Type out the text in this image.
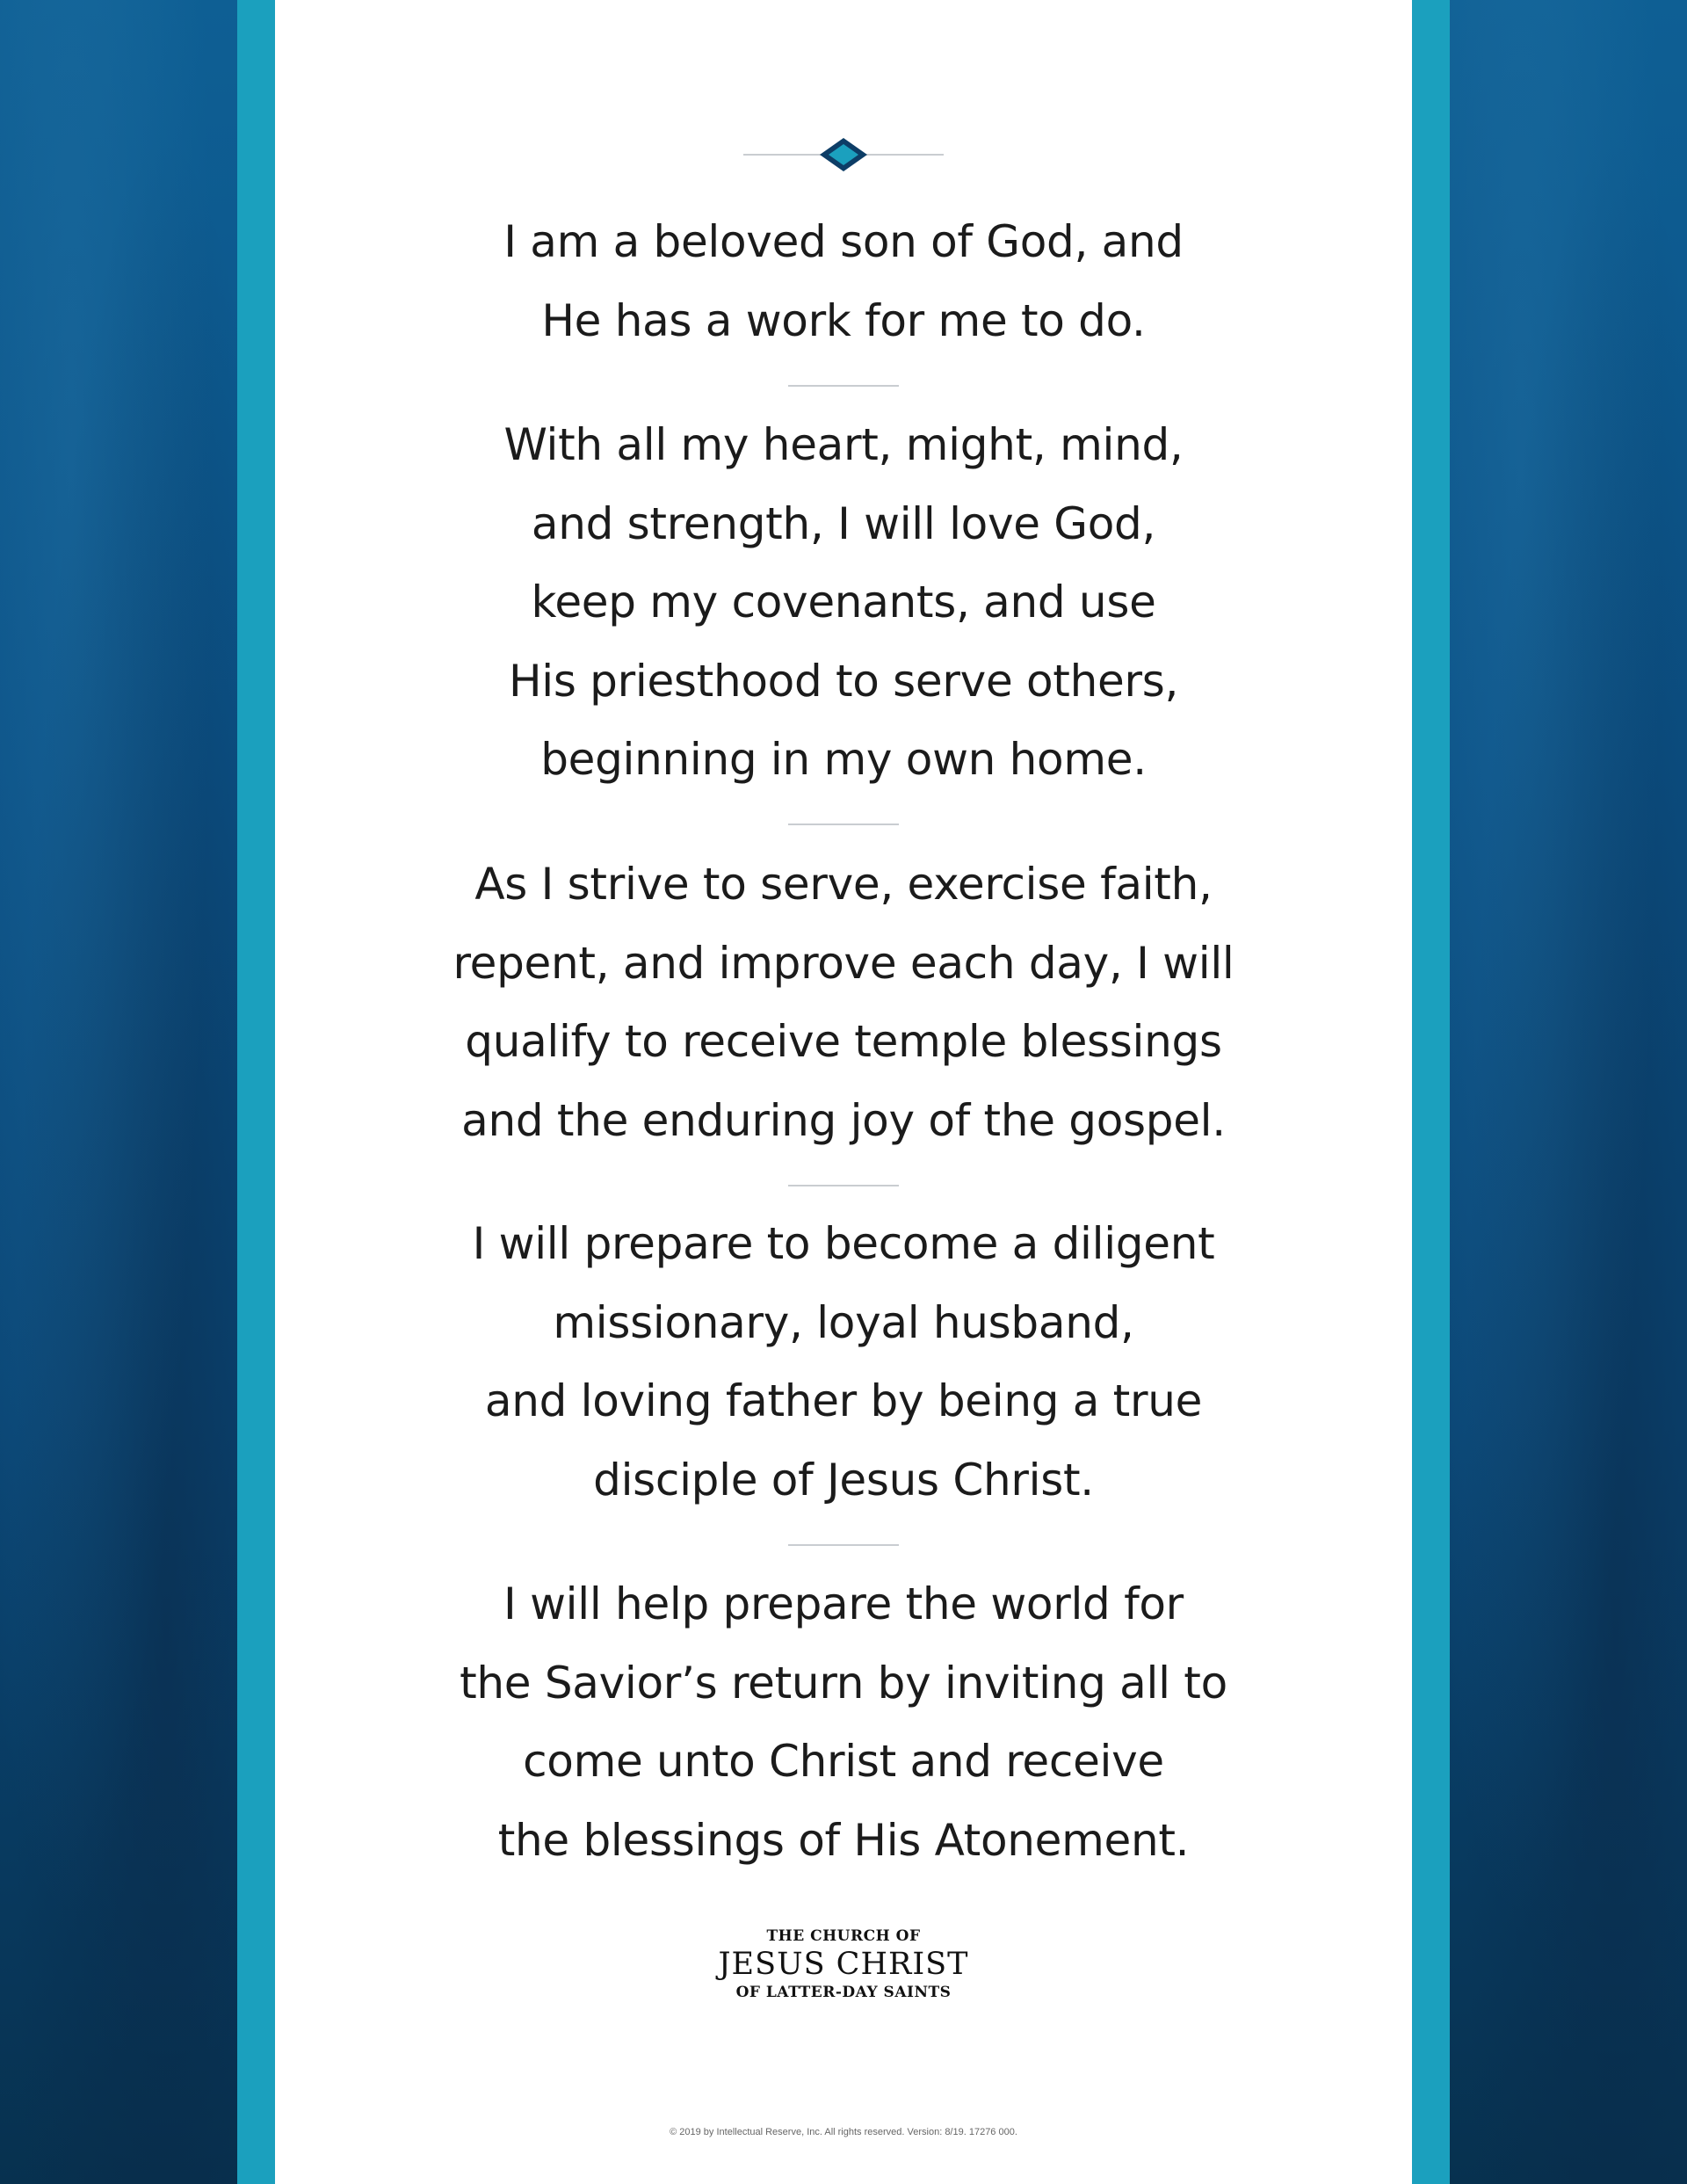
I am a beloved son of God, and
He has a work for me to do.
With all my heart, might, mind,
and strength, I will love God,
keep my covenants, and use
His priesthood to serve others,
beginning in my own home.
As I strive to serve, exercise faith,
repent, and improve each day, I will
qualify to receive temple blessings
and the enduring joy of the gospel.
I will prepare to become a diligent
missionary, loyal husband,
and loving father by being a true
disciple of Jesus Christ.
I will help prepare the world for
the Savior’s return by inviting all to
come unto Christ and receive
the blessings of His Atonement.
THE CHURCH OF
JESUS CHRIST
OF LATTER-DAY SAINTS
© 2019 by Intellectual Reserve, Inc. All rights reserved. Version: 8/19. 17276 000.
